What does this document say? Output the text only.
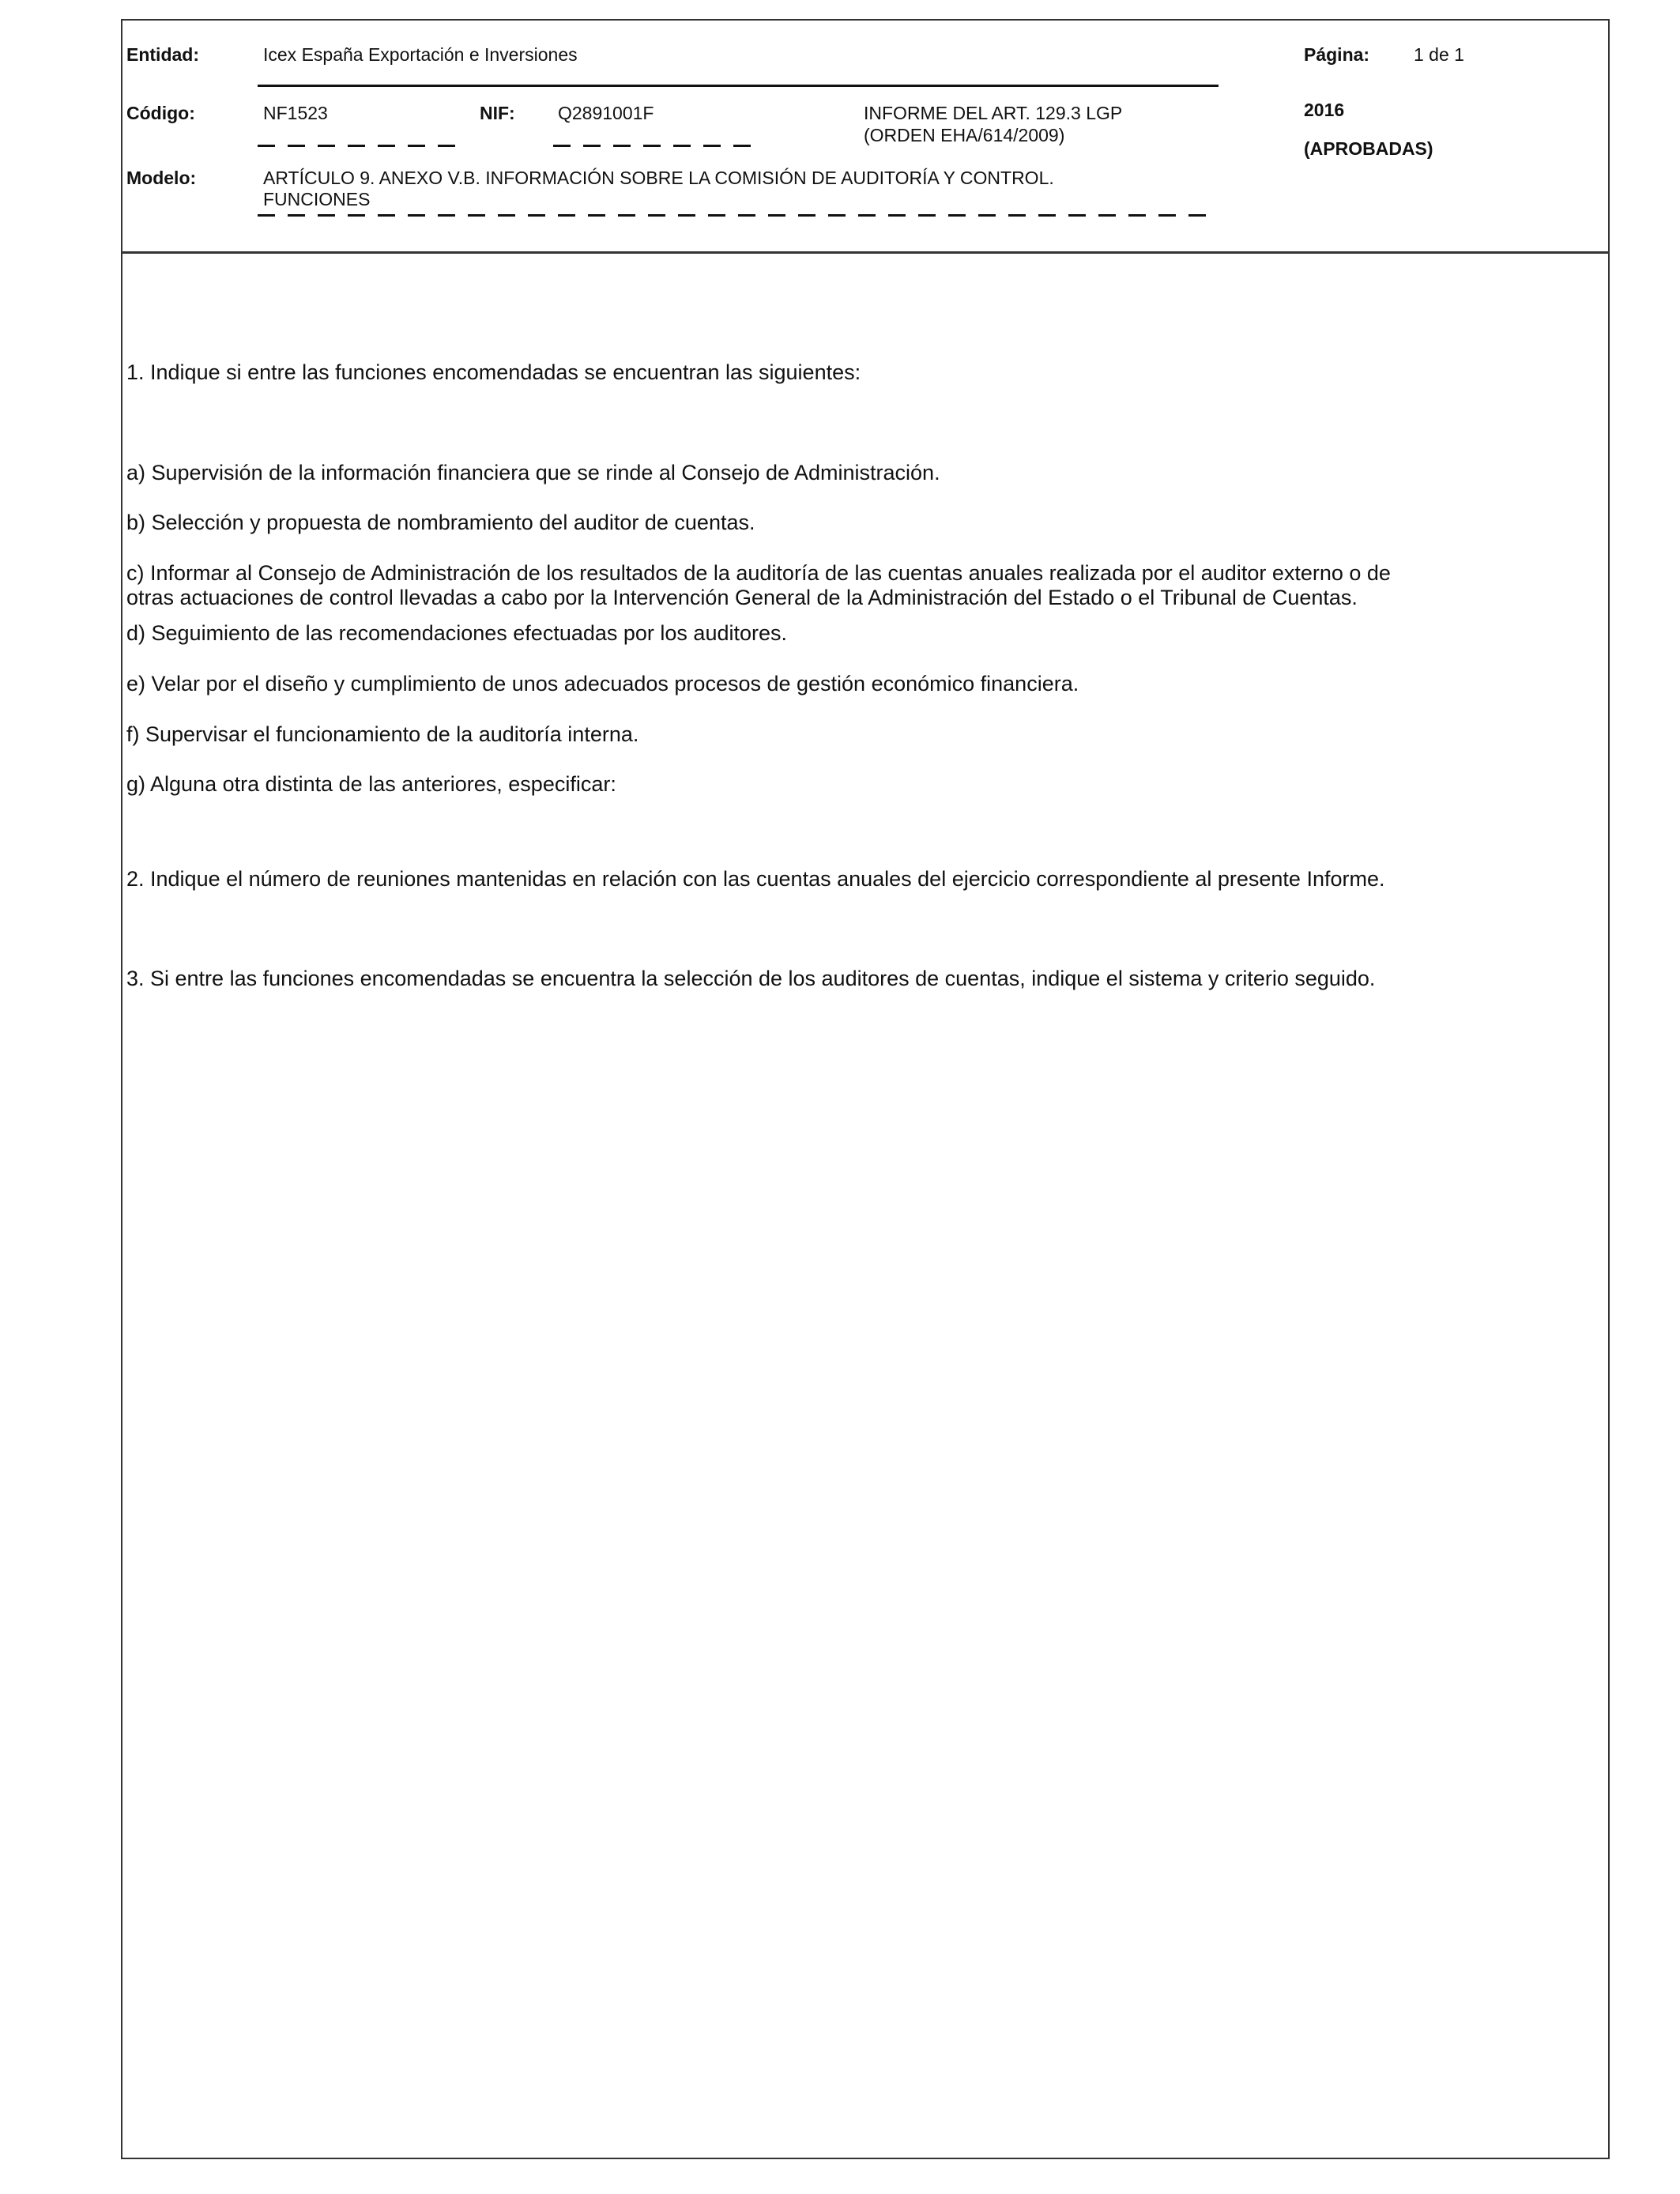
Entidad:	Icex España Exportación e Inversiones	Página: 1 de 1
Código:	NF1523	NIF: Q2891001F	INFORME DEL ART. 129.3 LGP
(ORDEN EHA/614/2009)
2016
(APROBADAS)
Modelo:	ARTÍCULO 9. ANEXO V.B. INFORMACIÓN SOBRE LA COMISIÓN DE AUDITORÍA Y CONTROL.
FUNCIONES
1. Indique si entre las funciones encomendadas se encuentran las siguientes:
a) Supervisión de la información financiera que se rinde al Consejo de Administración.
b) Selección y propuesta de nombramiento del auditor de cuentas.
c) Informar al Consejo de Administración de los resultados de la auditoría de las cuentas anuales realizada por el auditor externo o de
otras actuaciones de control llevadas a cabo por la Intervención General de la Administración del Estado o el Tribunal de Cuentas.
d) Seguimiento de las recomendaciones efectuadas por los auditores.
e) Velar por el diseño y cumplimiento de unos adecuados procesos de gestión económico financiera.
f) Supervisar el funcionamiento de la auditoría interna.
g) Alguna otra distinta de las anteriores, especificar:
2. Indique el número de reuniones mantenidas en relación con las cuentas anuales del ejercicio correspondiente al presente Informe.
3. Si entre las funciones encomendadas se encuentra la selección de los auditores de cuentas, indique el sistema y criterio seguido.
